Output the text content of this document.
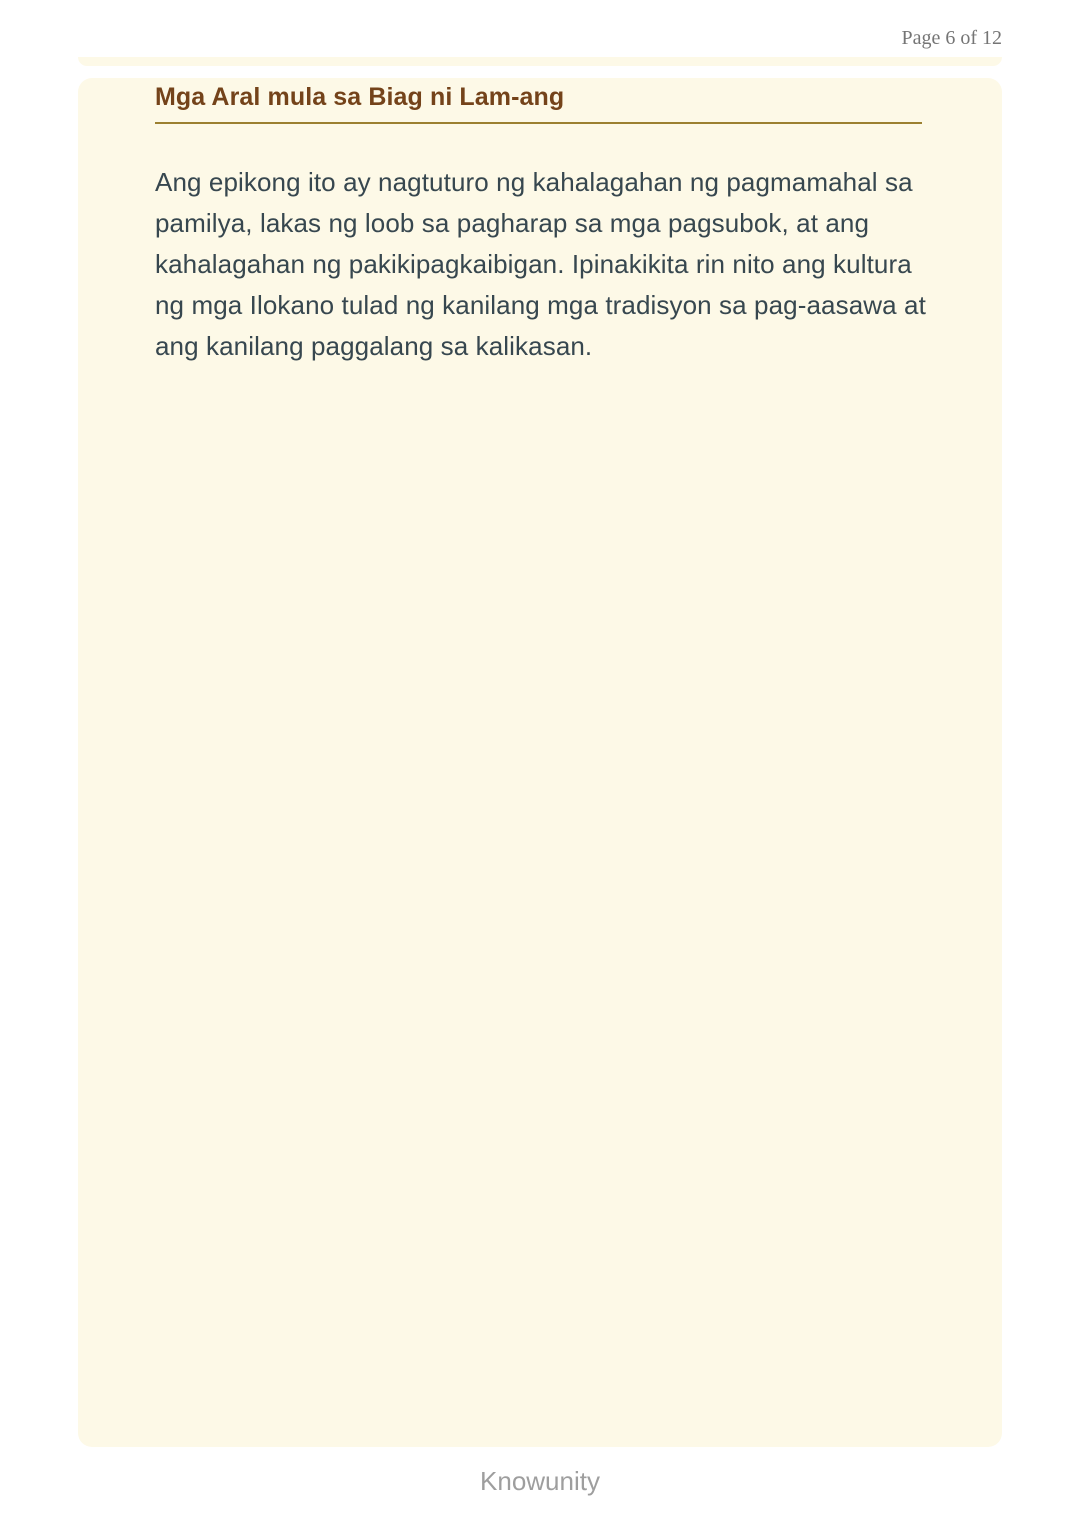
Page 6 of 12
Mga Aral mula sa Biag ni Lam-ang

Ang epikong ito ay nagtuturo ng kahalagahan ng pagmamahal sa pamilya, lakas ng loob sa pagharap sa mga pagsubok, at ang kahalagahan ng pakikipagkaibigan. Ipinakikita rin nito ang kultura ng mga Ilokano tulad ng kanilang mga tradisyon sa pag-aasawa at ang kanilang paggalang sa kalikasan.

Knowunity
